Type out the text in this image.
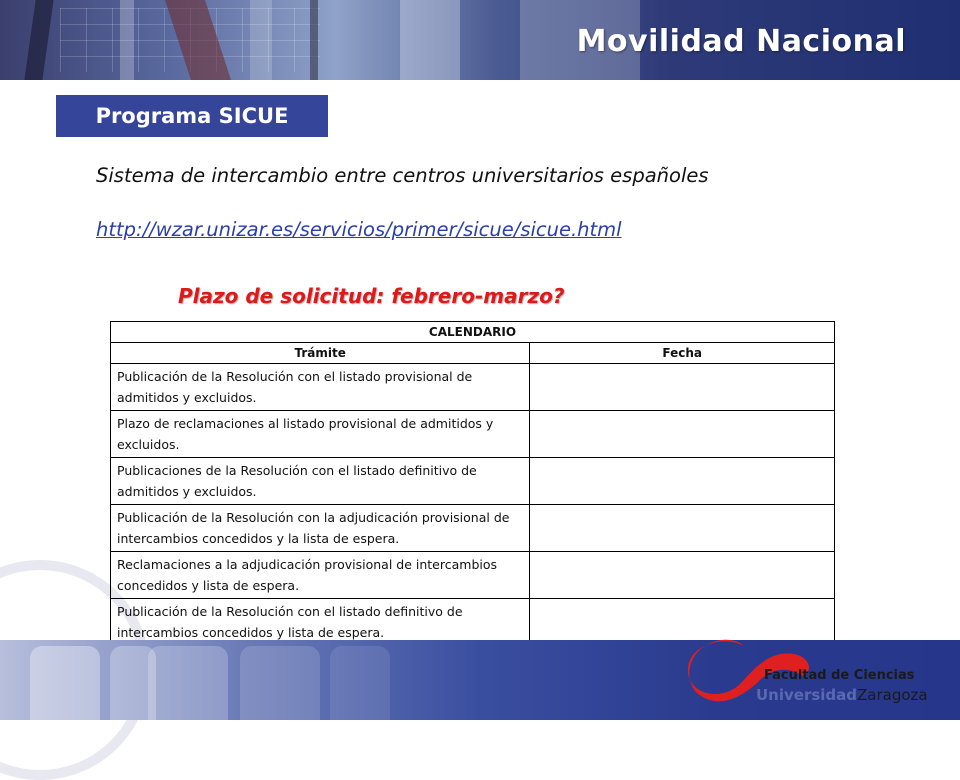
Movilidad Nacional
Programa SICUE
Sistema de intercambio entre centros universitarios españoles
http://wzar.unizar.es/servicios/primer/sicue/sicue.html
Plazo de solicitud: febrero-marzo?
CALENDARIO	
Trámite	Fecha
Publicación de la Resolución con el listado provisional de admitidos y excluidos.	
Plazo de reclamaciones al listado provisional de admitidos y excluidos.	
Publicaciones de la Resolución con el listado definitivo de admitidos y excluidos.	
Publicación de la Resolución con la adjudicación provisional de intercambios concedidos y la lista de espera.	
Reclamaciones a la adjudicación provisional de intercambios concedidos y lista de espera.	
Publicación de la Resolución con el listado definitivo de intercambios concedidos y lista de espera.	
Facultad de Ciencias
UniversidadZaragoza
